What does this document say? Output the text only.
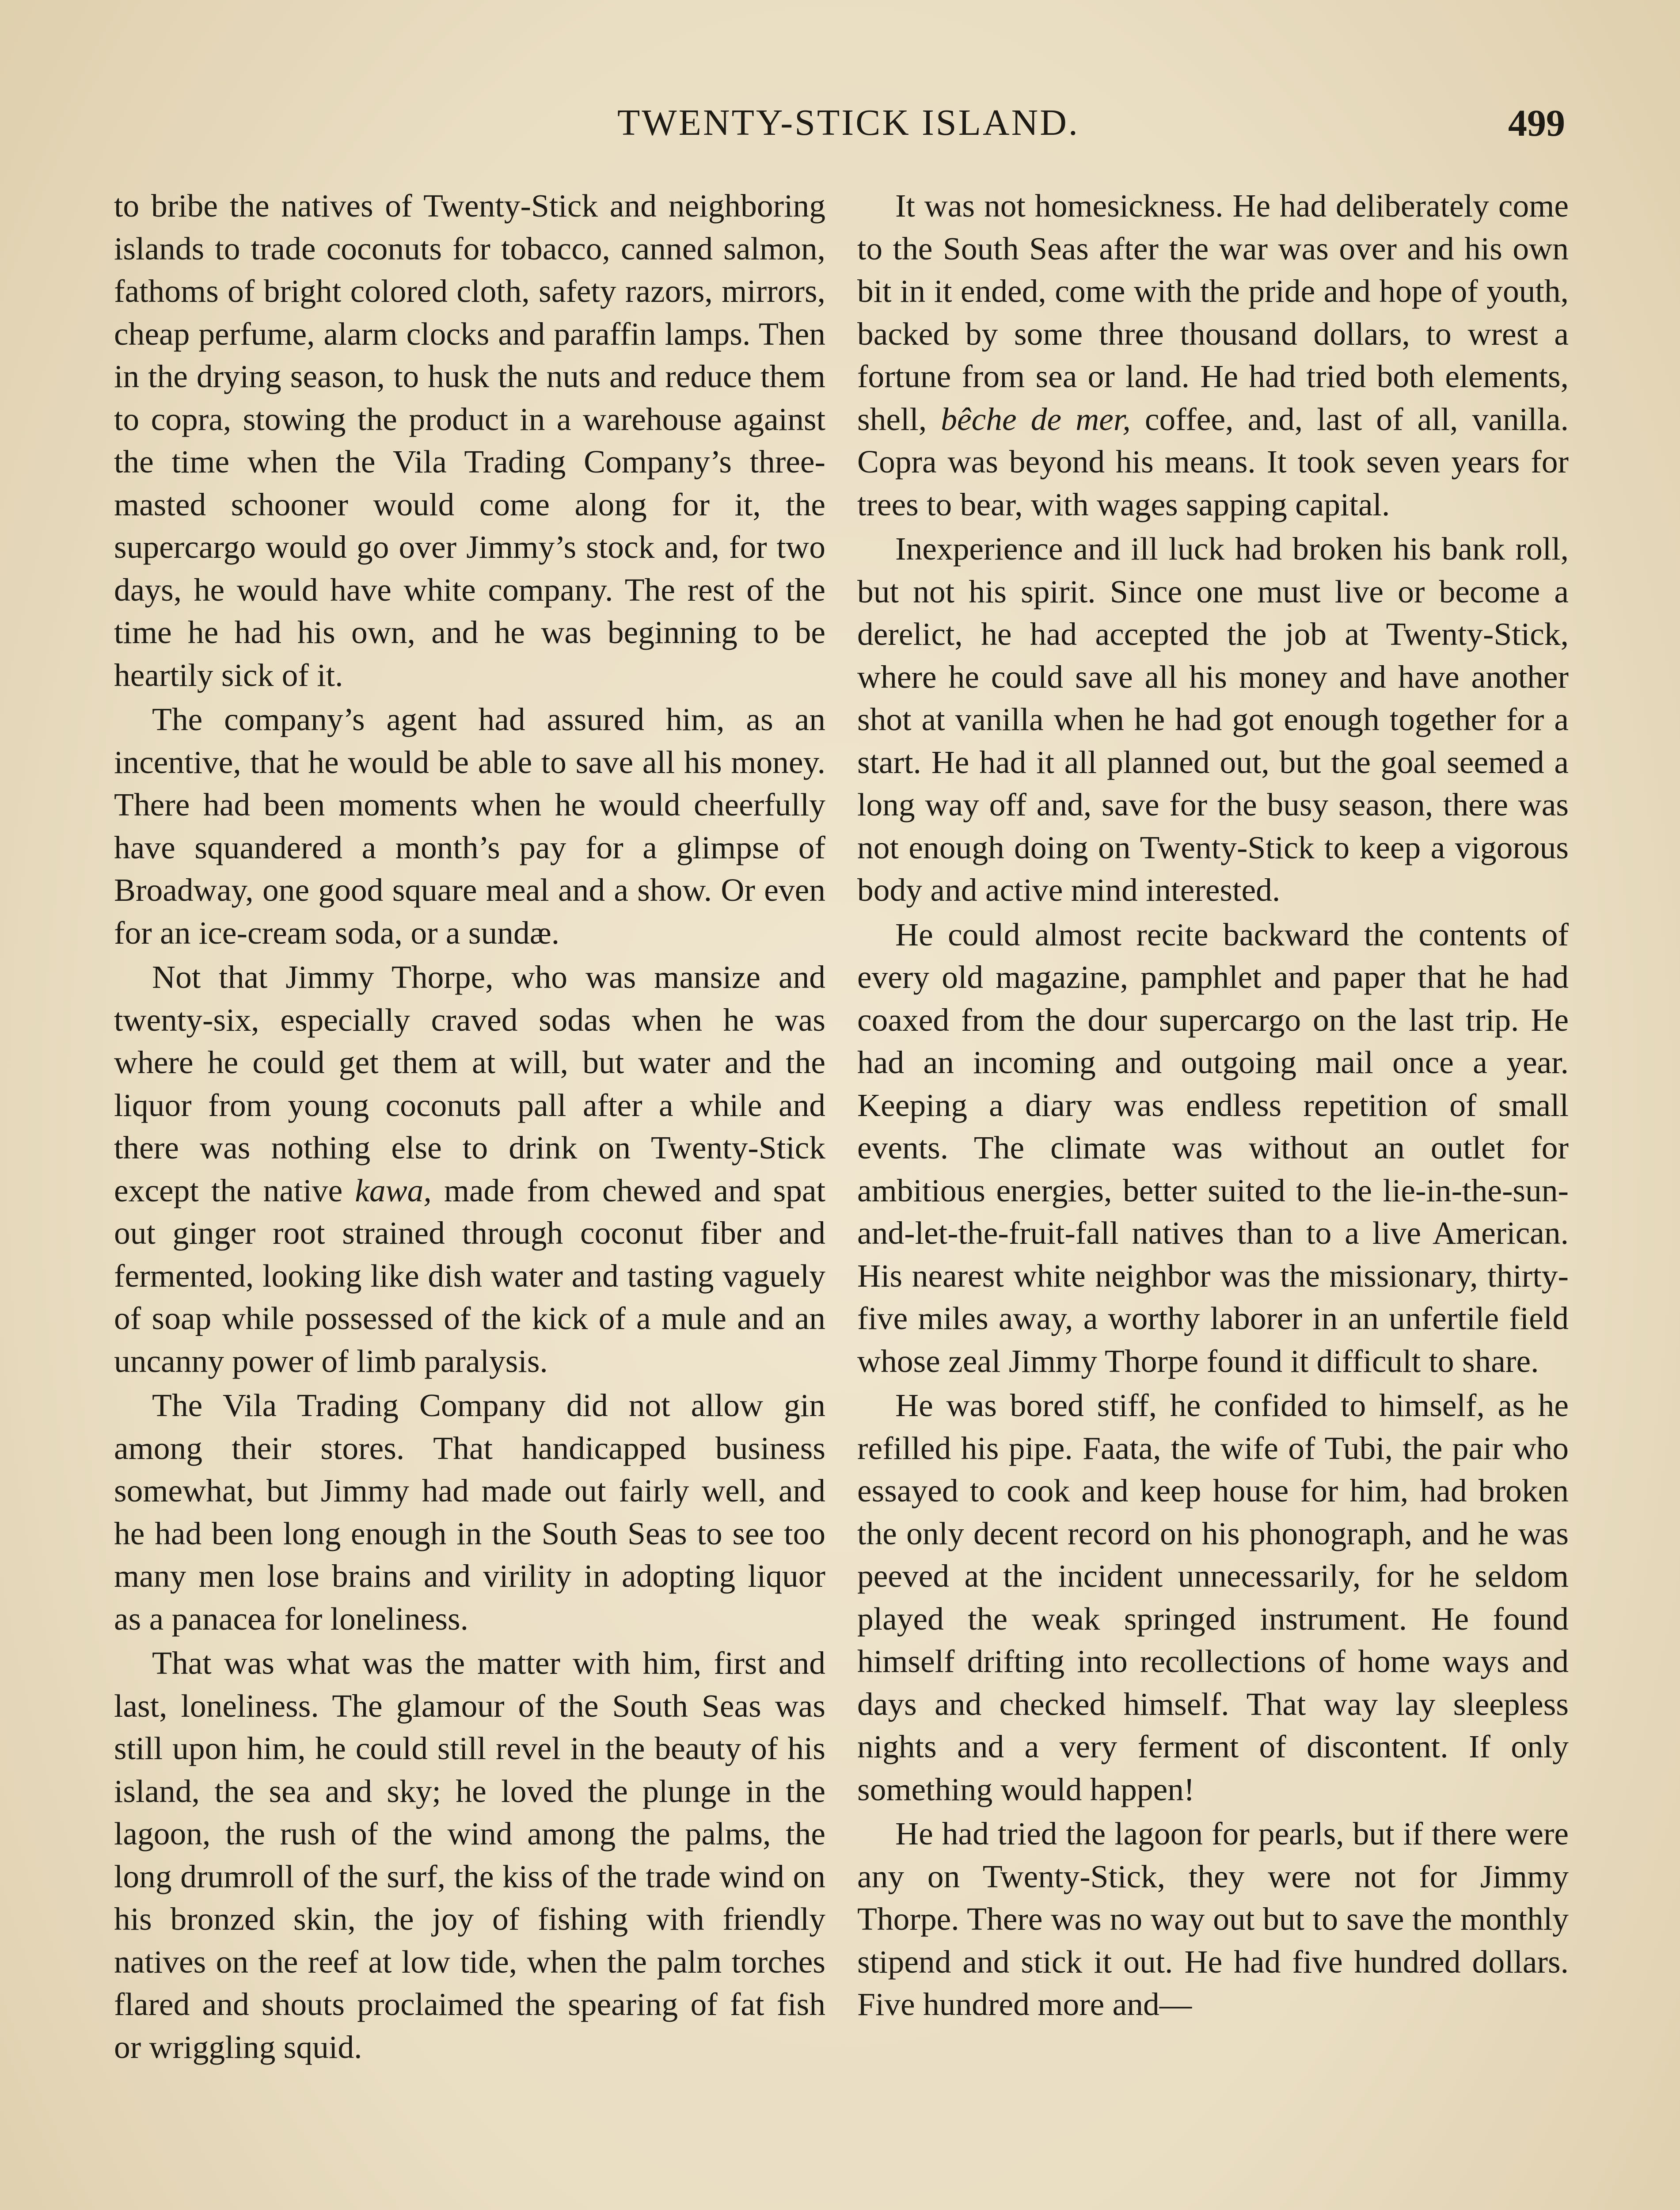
TWENTY-STICK ISLAND.	499

to bribe the natives of Twenty-Stick and neighboring islands to trade coconuts for tobacco, canned salmon, fathoms of bright colored cloth, safety razors, mirrors, cheap perfume, alarm clocks and paraffin lamps. Then in the drying season, to husk the nuts and reduce them to copra, stowing the product in a warehouse against the time when the Vila Trading Company’s three-masted schooner would come along for it, the supercargo would go over Jimmy’s stock and, for two days, he would have white company. The rest of the time he had his own, and he was beginning to be heartily sick of it.

The company’s agent had assured him, as an incentive, that he would be able to save all his money. There had been moments when he would cheerfully have squandered a month’s pay for a glimpse of Broadway, one good square meal and a show. Or even for an ice-cream soda, or a sundæ.

Not that Jimmy Thorpe, who was mansize and twenty-six, especially craved sodas when he was where he could get them at will, but water and the liquor from young coconuts pall after a while and there was nothing else to drink on Twenty-Stick except the native kawa, made from chewed and spat out ginger root strained through coconut fiber and fermented, looking like dish water and tasting vaguely of soap while possessed of the kick of a mule and an uncanny power of limb paralysis.

The Vila Trading Company did not allow gin among their stores. That handicapped business somewhat, but Jimmy had made out fairly well, and he had been long enough in the South Seas to see too many men lose brains and virility in adopting liquor as a panacea for loneliness.

That was what was the matter with him, first and last, loneliness. The glamour of the South Seas was still upon him, he could still revel in the beauty of his island, the sea and sky; he loved the plunge in the lagoon, the rush of the wind among the palms, the long drumroll of the surf, the kiss of the trade wind on his bronzed skin, the joy of fishing with friendly natives on the reef at low tide, when the palm torches flared and shouts proclaimed the spearing of fat fish or wriggling squid.

It was not homesickness. He had deliberately come to the South Seas after the war was over and his own bit in it ended, come with the pride and hope of youth, backed by some three thousand dollars, to wrest a fortune from sea or land. He had tried both elements, shell, bêche de mer, coffee, and, last of all, vanilla. Copra was beyond his means. It took seven years for trees to bear, with wages sapping capital.

Inexperience and ill luck had broken his bank roll, but not his spirit. Since one must live or become a derelict, he had accepted the job at Twenty-Stick, where he could save all his money and have another shot at vanilla when he had got enough together for a start. He had it all planned out, but the goal seemed a long way off and, save for the busy season, there was not enough doing on Twenty-Stick to keep a vigorous body and active mind interested.

He could almost recite backward the contents of every old magazine, pamphlet and paper that he had coaxed from the dour supercargo on the last trip. He had an incoming and outgoing mail once a year. Keeping a diary was endless repetition of small events. The climate was without an outlet for ambitious energies, better suited to the lie-in-the-sun-and-let-the-fruit-fall natives than to a live American. His nearest white neighbor was the missionary, thirty-five miles away, a worthy laborer in an unfertile field whose zeal Jimmy Thorpe found it difficult to share.

He was bored stiff, he confided to himself, as he refilled his pipe. Faata, the wife of Tubi, the pair who essayed to cook and keep house for him, had broken the only decent record on his phonograph, and he was peeved at the incident unnecessarily, for he seldom played the weak springed instrument. He found himself drifting into recollections of home ways and days and checked himself. That way lay sleepless nights and a very ferment of discontent. If only something would happen!

He had tried the lagoon for pearls, but if there were any on Twenty-Stick, they were not for Jimmy Thorpe. There was no way out but to save the monthly stipend and stick it out. He had five hundred dollars. Five hundred more and—
